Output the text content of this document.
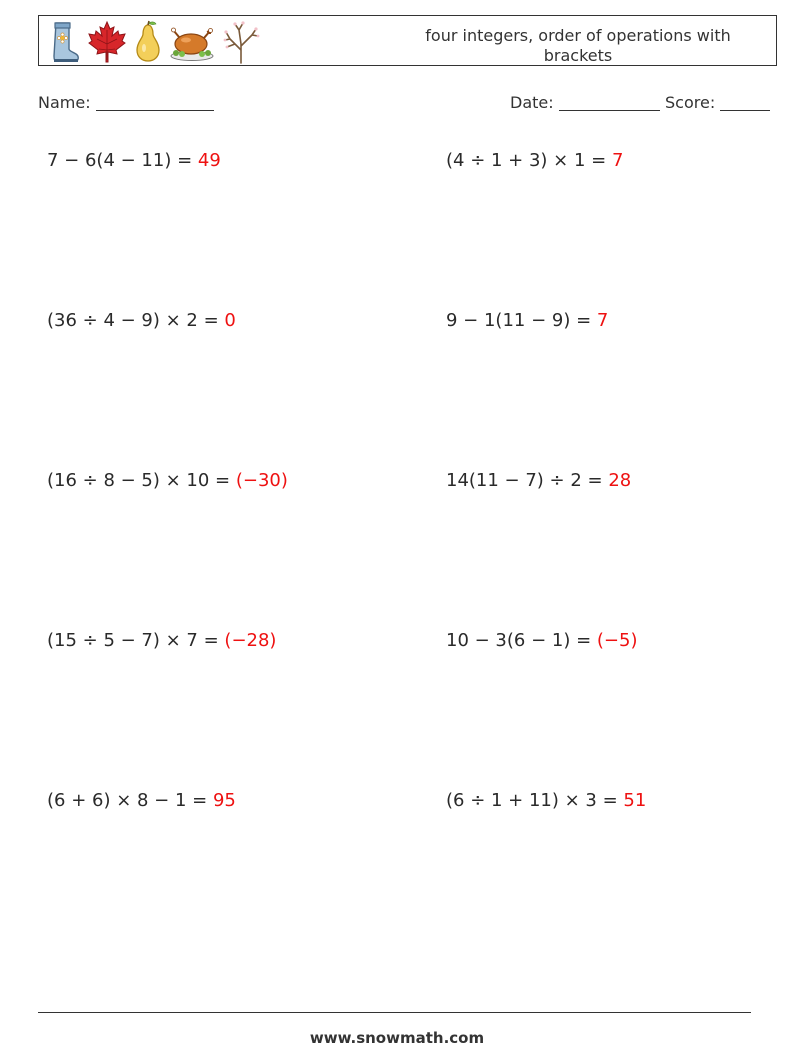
four integers, order of operations with brackets
Name:	Date:	Score:
7 − 6(4 − 11) = 49	(4 ÷ 1 + 3) × 1 = 7
(36 ÷ 4 − 9) × 2 = 0	9 − 1(11 − 9) = 7
(16 ÷ 8 − 5) × 10 = (−30)	14(11 − 7) ÷ 2 = 28
(15 ÷ 5 − 7) × 7 = (−28)	10 − 3(6 − 1) = (−5)
(6 + 6) × 8 − 1 = 95	(6 ÷ 1 + 11) × 3 = 51
www.snowmath.com
